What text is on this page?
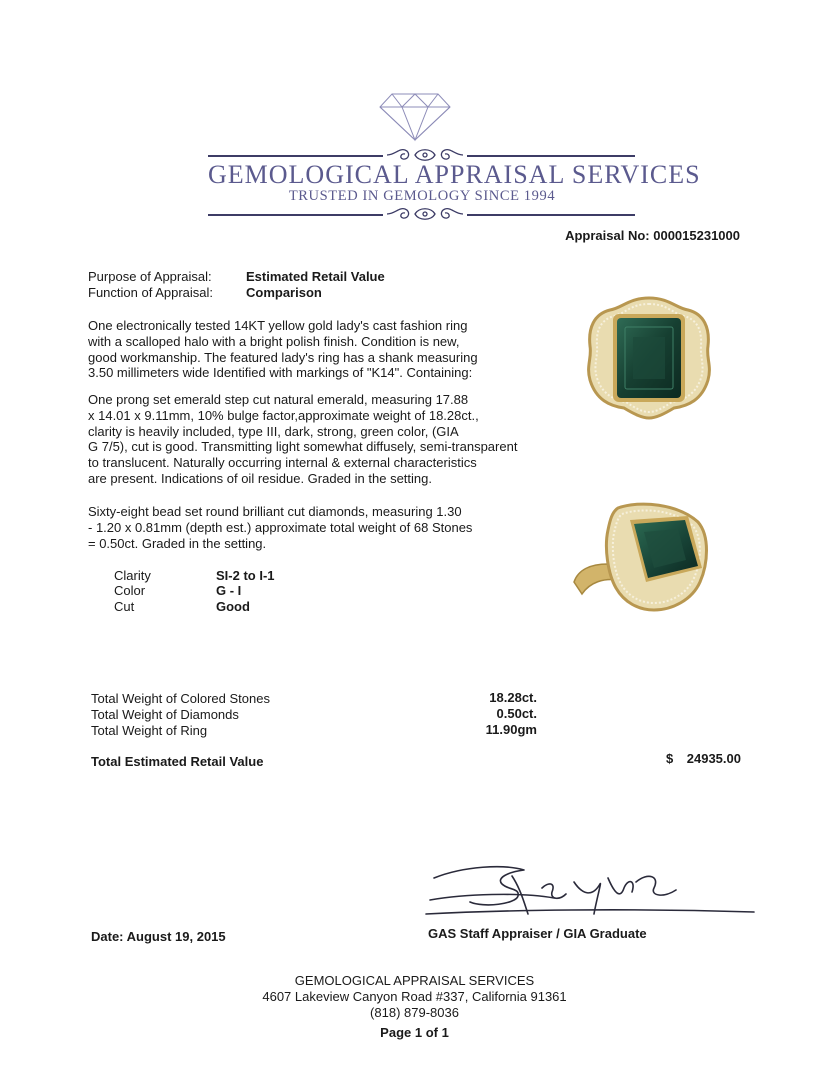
GEMOLOGICAL APPRAISAL SERVICES
TRUSTED IN GEMOLOGY SINCE 1994
Appraisal No: 000015231000
Purpose of Appraisal:	Estimated Retail Value
Function of Appraisal:	Comparison
One electronically tested 14KT yellow gold lady's cast fashion ring
with a scalloped halo with a bright polish finish. Condition is new,
good workmanship. The featured lady's ring has a shank measuring
3.50 millimeters wide Identified with markings of "K14". Containing:
One prong set emerald step cut natural emerald, measuring 17.88
x 14.01 x 9.11mm, 10% bulge factor,approximate weight of 18.28ct.,
clarity is heavily included, type III, dark, strong, green color, (GIA
G 7/5), cut is good. Transmitting light somewhat diffusely, semi-transparent
to translucent. Naturally occurring internal & external characteristics
are present. Indications of oil residue. Graded in the setting.
Sixty-eight bead set round brilliant cut diamonds, measuring 1.30
- 1.20 x 0.81mm (depth est.) approximate total weight of 68 Stones
= 0.50ct. Graded in the setting.
Clarity	SI-2 to I-1
Color	G - I
Cut	Good
Total Weight of Colored Stones	18.28ct.
Total Weight of Diamonds	0.50ct.
Total Weight of Ring	11.90gm
Total Estimated Retail Value	$	24935.00
GAS Staff Appraiser / GIA Graduate
Date: August 19, 2015
GEMOLOGICAL APPRAISAL SERVICES
4607 Lakeview Canyon Road #337, California 91361
(818) 879-8036
Page 1 of 1
